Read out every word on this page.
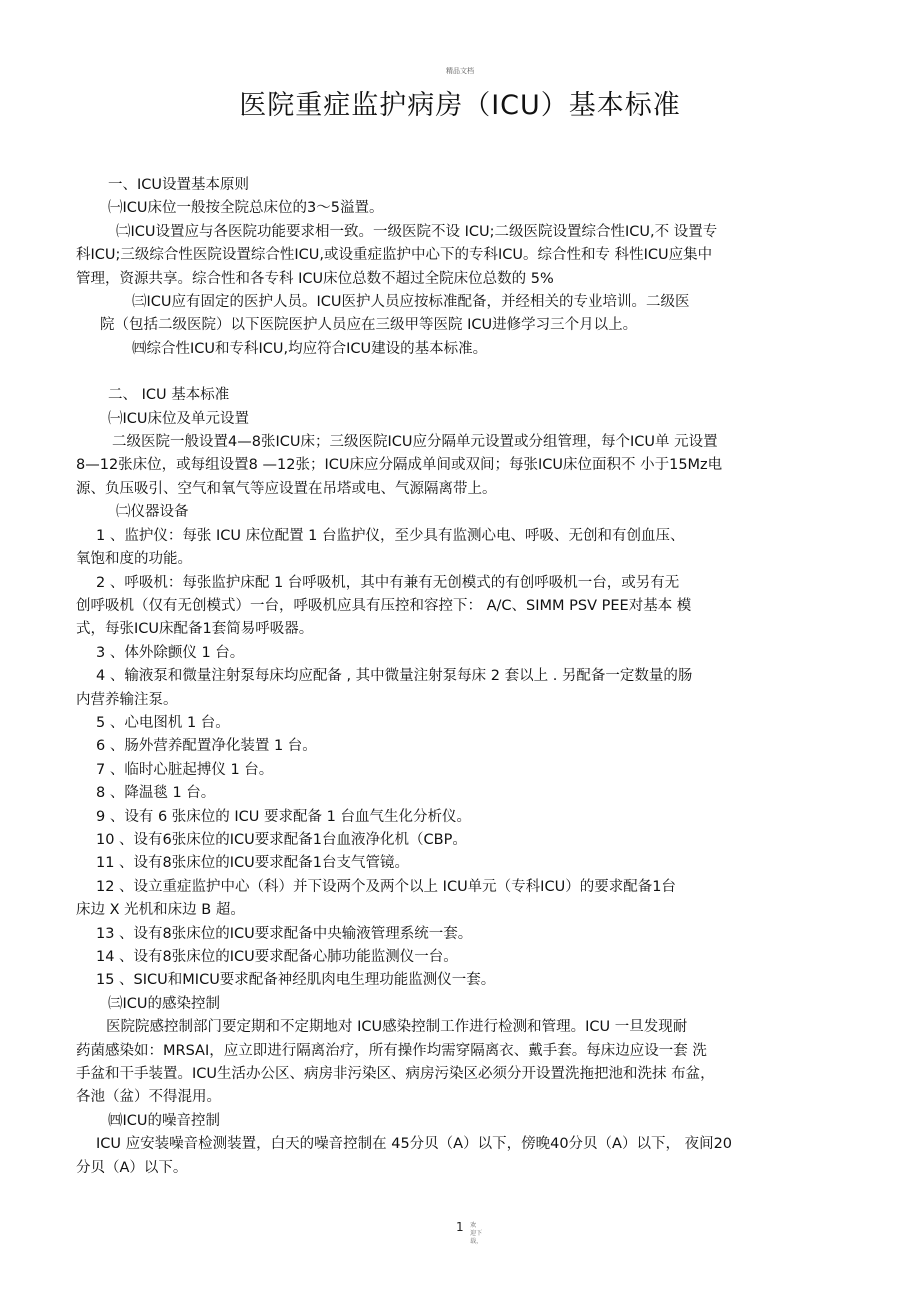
精品文档
医院重症监护病房（ICU）基本标准
一、ICU设置基本原则
㈠ICU床位一般按全院总床位的3～5溢置。
㈡ICU设置应与各医院功能要求相一致。一级医院不设 ICU;二级医院设置综合性ICU,不 设置专
科ICU;三级综合性医院设置综合性ICU,或设重症监护中心下的专科ICU。综合性和专 科性ICU应集中
管理，资源共享。综合性和各专科 ICU床位总数不超过全院床位总数的 5%
㈢ICU应有固定的医护人员。ICU医护人员应按标准配备，并经相关的专业培训。二级医
院（包括二级医院）以下医院医护人员应在三级甲等医院 ICU进修学习三个月以上。
㈣综合性ICU和专科ICU,均应符合ICU建设的基本标准。
二、 ICU 基本标准
㈠ICU床位及单元设置
二级医院一般设置4—8张ICU床；三级医院ICU应分隔单元设置或分组管理，每个ICU单 元设置
8—12张床位，或每组设置8 —12张；ICU床应分隔成单间或双间；每张ICU床位面积不 小于15Mz电
源、负压吸引、空气和氧气等应设置在吊塔或电、气源隔离带上。
㈡仪器设备
1 、监护仪：每张 ICU 床位配置 1 台监护仪，至少具有监测心电、呼吸、无创和有创血压、
氧饱和度的功能。
2 、呼吸机：每张监护床配 1 台呼吸机，其中有兼有无创模式的有创呼吸机一台，或另有无
创呼吸机（仅有无创模式）一台，呼吸机应具有压控和容控下： A/C、SIMM PSV PEE对基本 模
式，每张ICU床配备1套简易呼吸器。
3 、体外除颤仪 1 台。
4 、输液泵和微量注射泵每床均应配备 , 其中微量注射泵每床 2 套以上 . 另配备一定数量的肠
内营养输注泵。
5 、心电图机 1 台。
6 、肠外营养配置净化装置 1 台。
7 、临时心脏起搏仪 1 台。
8 、降温毯 1 台。
9 、设有 6 张床位的 ICU 要求配备 1 台血气生化分析仪。
10 、设有6张床位的ICU要求配备1台血液净化机（CBP。
11 、设有8张床位的ICU要求配备1台支气管镜。
12 、设立重症监护中心（科）并下设两个及两个以上 ICU单元（专科ICU）的要求配备1台
床边 X 光机和床边 B 超。
13 、设有8张床位的ICU要求配备中央输液管理系统一套。
14 、设有8张床位的ICU要求配备心肺功能监测仪一台。
15 、SICU和MICU要求配备神经肌肉电生理功能监测仪一套。
㈢ICU的感染控制
医院院感控制部门要定期和不定期地对 ICU感染控制工作进行检测和管理。ICU 一旦发现耐
药菌感染如：MRSAI，应立即进行隔离治疗，所有操作均需穿隔离衣、戴手套。每床边应设一套 洗
手盆和干手装置。ICU生活办公区、病房非污染区、病房污染区必须分开设置洗拖把池和洗抹 布盆，
各池（盆）不得混用。
㈣ICU的噪音控制
ICU 应安装噪音检测装置，白天的噪音控制在 45分贝（A）以下，傍晚40分贝（A）以下， 夜间20
分贝（A）以下。
1 欢
迎下
载，
